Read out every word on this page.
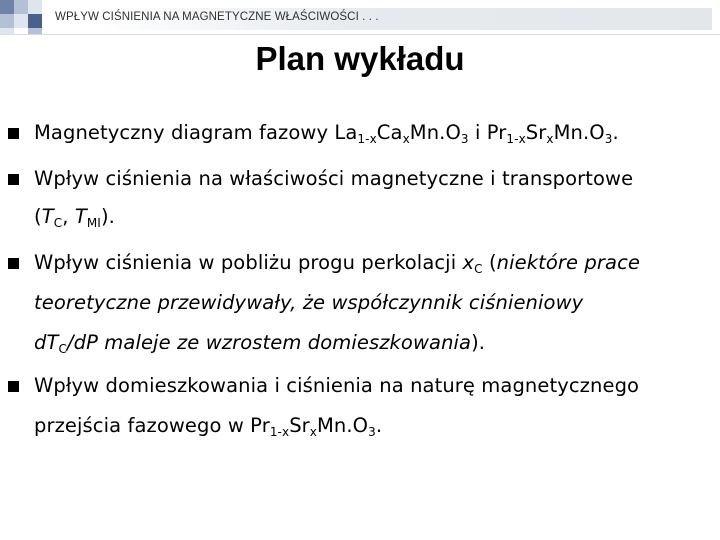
WPŁYW CIŚNIENIA NA MAGNETYCZNE WŁAŚCIWOŚCI . . .
Plan wykładu
Magnetyczny diagram fazowy $La_{1-x}Ca_xMn.O_3$ i $Pr_{1-x}Sr_xMn.O_3$.
Wpływ ciśnienia na właściwości magnetyczne i transportowe
($T_C$, $T_{MI}$).
Wpływ ciśnienia w pobliżu progu perkolacji $x_C$ (niektóre prace
teoretyczne przewidywały, że współczynnik ciśnieniowy
$dT_C/dP$ maleje ze wzrostem domieszkowania).
Wpływ domieszkowania i ciśnienia na naturę magnetycznego
przejścia fazowego w $Pr_{1-x}Sr_xMn.O_3$.
